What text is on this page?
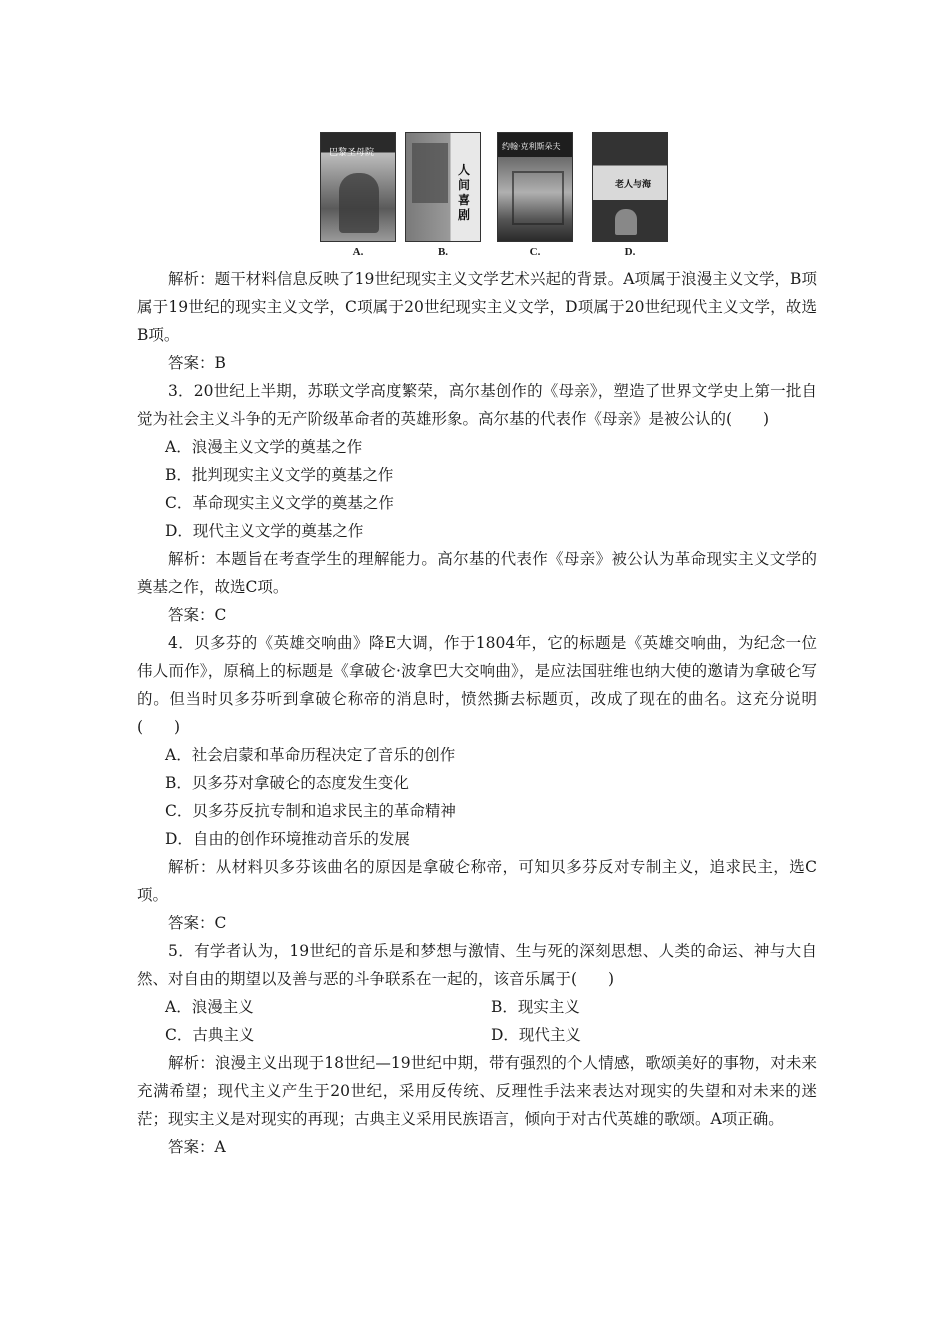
巴黎圣母院
A.
人间喜剧
B.
约翰·克利斯朵夫
C.
老人与海
D.

解析：题干材料信息反映了19世纪现实主义文学艺术兴起的背景。A项属于浪漫主义文学，B项属于19世纪的现实主义文学，C项属于20世纪现实主义文学，D项属于20世纪现代主义文学，故选B项。

答案：B

3．20世纪上半期，苏联文学高度繁荣，高尔基创作的《母亲》，塑造了世界文学史上第一批自觉为社会主义斗争的无产阶级革命者的英雄形象。高尔基的代表作《母亲》是被公认的(　　)

A．浪漫主义文学的奠基之作

B．批判现实主义文学的奠基之作

C．革命现实主义文学的奠基之作

D．现代主义文学的奠基之作

解析：本题旨在考查学生的理解能力。高尔基的代表作《母亲》被公认为革命现实主义文学的奠基之作，故选C项。

答案：C

4．贝多芬的《英雄交响曲》降E大调，作于1804年，它的标题是《英雄交响曲，为纪念一位伟人而作》，原稿上的标题是《拿破仑·波拿巴大交响曲》，是应法国驻维也纳大使的邀请为拿破仑写的。但当时贝多芬听到拿破仑称帝的消息时，愤然撕去标题页，改成了现在的曲名。这充分说明(　　)

A．社会启蒙和革命历程决定了音乐的创作

B．贝多芬对拿破仑的态度发生变化

C．贝多芬反抗专制和追求民主的革命精神

D．自由的创作环境推动音乐的发展

解析：从材料贝多芬该曲名的原因是拿破仑称帝，可知贝多芬反对专制主义，追求民主，选C项。

答案：C

5．有学者认为，19世纪的音乐是和梦想与激情、生与死的深刻思想、人类的命运、神与大自然、对自由的期望以及善与恶的斗争联系在一起的，该音乐属于(　　)

A．浪漫主义	B．现实主义
C．古典主义	D．现代主义

解析：浪漫主义出现于18世纪—19世纪中期，带有强烈的个人情感，歌颂美好的事物，对未来充满希望；现代主义产生于20世纪，采用反传统、反理性手法来表达对现实的失望和对未来的迷茫；现实主义是对现实的再现；古典主义采用民族语言，倾向于对古代英雄的歌颂。A项正确。

答案：A
